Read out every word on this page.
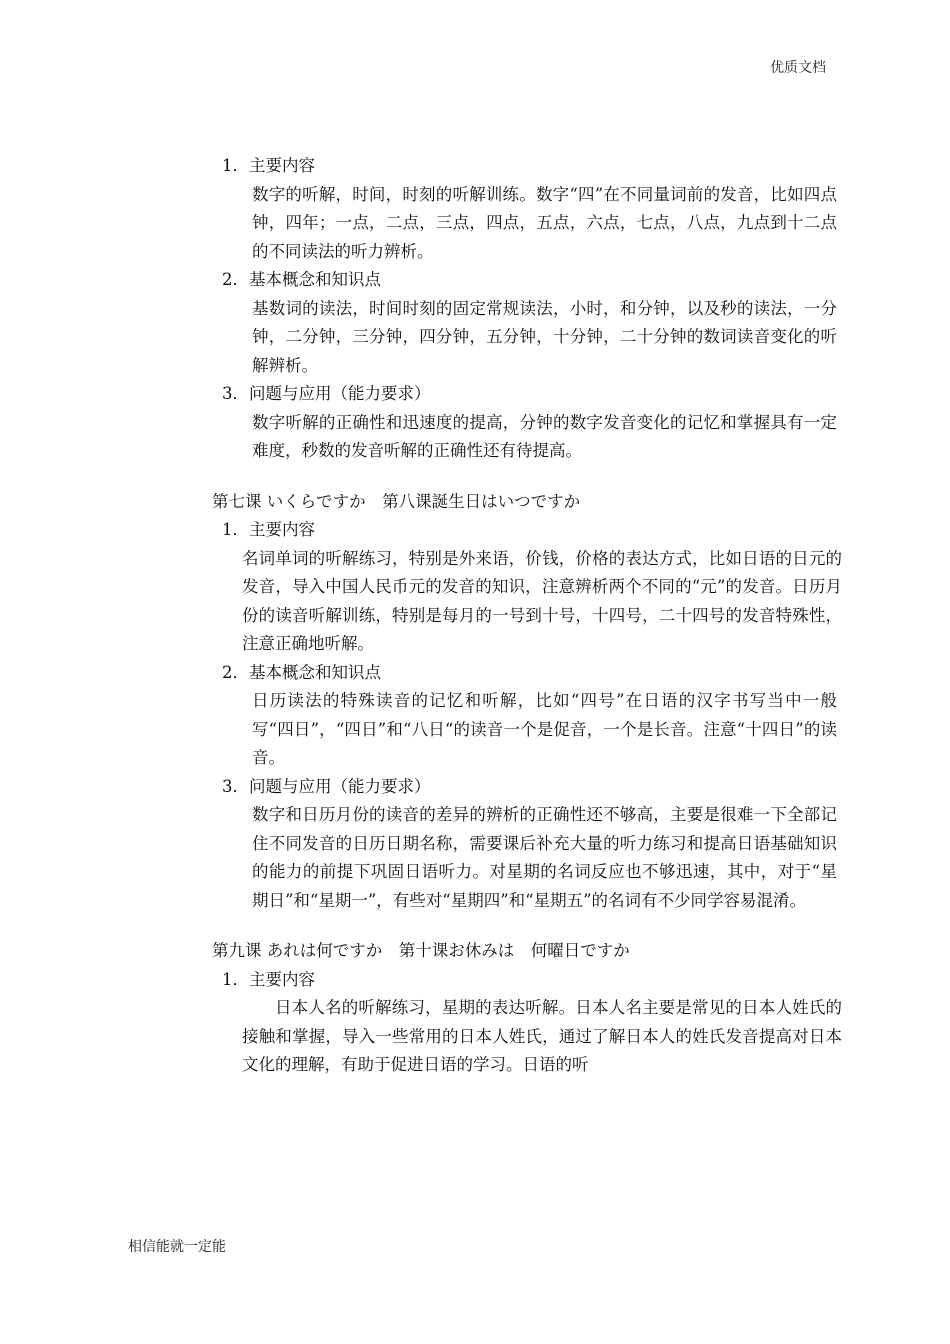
优质文档
1．主要内容
数字的听解，时间，时刻的听解训练。数字“四”在不同量词前的发音，比如四点钟，四年；一点，二点，三点，四点，五点，六点，七点，八点，九点到十二点的不同读法的听力辨析。
2．基本概念和知识点
基数词的读法，时间时刻的固定常规读法，小时，和分钟，以及秒的读法，一分钟，二分钟，三分钟，四分钟，五分钟，十分钟，二十分钟的数词读音变化的听解辨析。
3．问题与应用（能力要求）
数字听解的正确性和迅速度的提高，分钟的数字发音变化的记忆和掌握具有一定难度，秒数的发音听解的正确性还有待提高。
第七课 いくらですか　第八课誕生日はいつですか
1．主要内容
名词单词的听解练习，特别是外来语，价钱，价格的表达方式，比如日语的日元的发音，导入中国人民币元的发音的知识，注意辨析两个不同的“元”的发音。日历月份的读音听解训练，特别是每月的一号到十号，十四号，二十四号的发音特殊性，注意正确地听解。
2．基本概念和知识点
日历读法的特殊读音的记忆和听解，比如“四号”在日语的汉字书写当中一般写“四日”，“四日”和“八日“的读音一个是促音，一个是长音。注意“十四日”的读音。
3．问题与应用（能力要求）
数字和日历月份的读音的差异的辨析的正确性还不够高，主要是很难一下全部记住不同发音的日历日期名称，需要课后补充大量的听力练习和提高日语基础知识的能力的前提下巩固日语听力。对星期的名词反应也不够迅速，其中，对于“星期日”和“星期一”，有些对“星期四”和“星期五”的名词有不少同学容易混淆。
第九课 あれは何ですか　第十课お休みは　何曜日ですか
1．主要内容
日本人名的听解练习，星期的表达听解。日本人名主要是常见的日本人姓氏的接触和掌握，导入一些常用的日本人姓氏，通过了解日本人的姓氏发音提高对日本文化的理解，有助于促进日语的学习。日语的听
相信能就一定能
